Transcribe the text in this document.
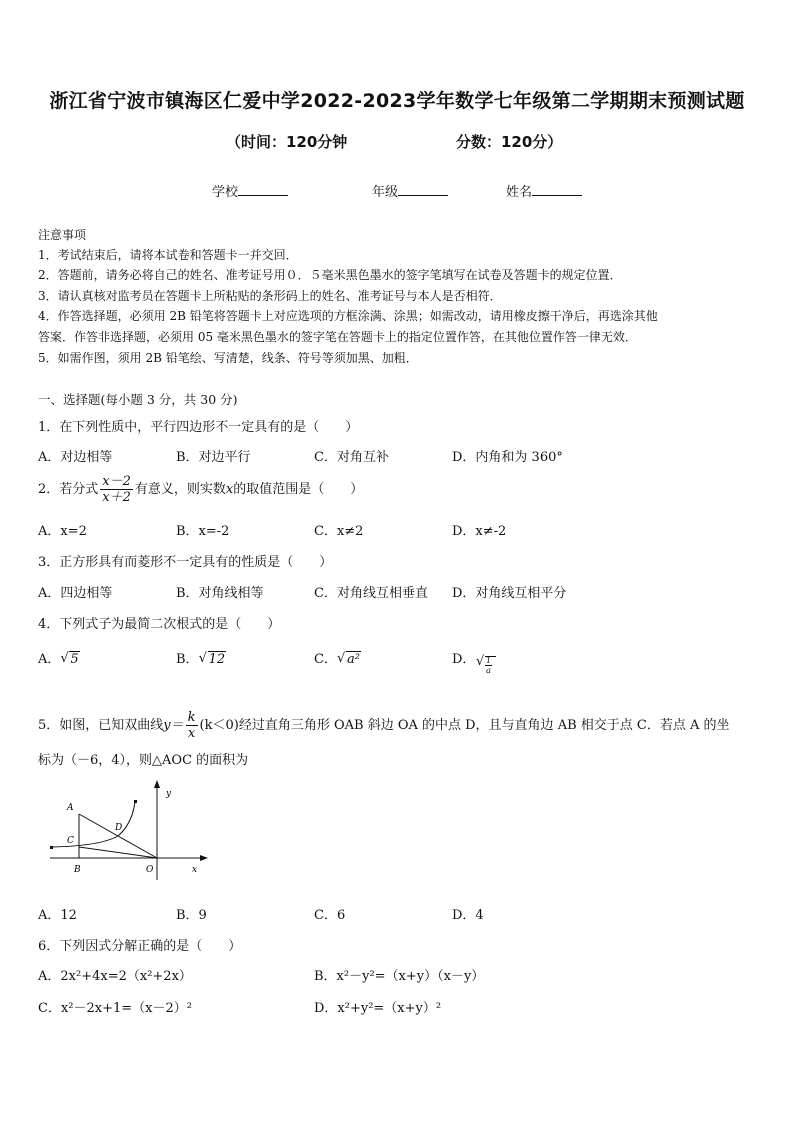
浙江省宁波市镇海区仁爱中学2022-2023学年数学七年级第二学期期末预测试题
（时间：120分钟	分数：120分）
学校	年级	姓名
注意事项
1．考试结束后，请将本试卷和答题卡一并交回．
2．答题前，请务必将自己的姓名、准考证号用０．５毫米黑色墨水的签字笔填写在试卷及答题卡的规定位置．
3．请认真核对监考员在答题卡上所粘贴的条形码上的姓名、准考证号与本人是否相符．
4．作答选择题，必须用 2B 铅笔将答题卡上对应选项的方框涂满、涂黑；如需改动，请用橡皮擦干净后，再选涂其他
答案．作答非选择题，必须用 05 毫米黑色墨水的签字笔在答题卡上的指定位置作答，在其他位置作答一律无效．
5．如需作图，须用 2B 铅笔绘、写清楚，线条、符号等须加黑、加粗．
一、选择题(每小题 3 分，共 30 分)
1．在下列性质中，平行四边形不一定具有的是（　　）
A．对边相等	B．对边平行	C．对角互补	D．内角和为 360°
2．若分式 $\frac{x-2}{x+2}$ 有意义，则实数x的取值范围是（　　）
A．x=2	B．x=-2	C．x≠2	D．x≠-2
3．正方形具有而菱形不一定具有的性质是（　　）
A．四边相等	B．对角线相等	C．对角线互相垂直 D．对角线互相平分
4．下列式子为最简二次根式的是（　　）
A． √ 5	B． √ 12	C． √ a²	D． √ $\frac{1}{a}$
5．如图，已知双曲线$y= \frac{k}{x} (k<0)$经过直角三角形 OAB 斜边 OA 的中点 D，且与直角边 AB 相交于点 C．若点 A 的坐
标为（－6，4），则△AOC 的面积为
A
C
D
B	O	x
y
A．12	B．9	C．6	D．4
6．下列因式分解正确的是（　　）
A．2x²+4x=2（x²+2x）	B．x²－y²=（x+y）（x－y）
C．x²－2x+1=（x－2）²	D．x²+y²=（x+y）²
